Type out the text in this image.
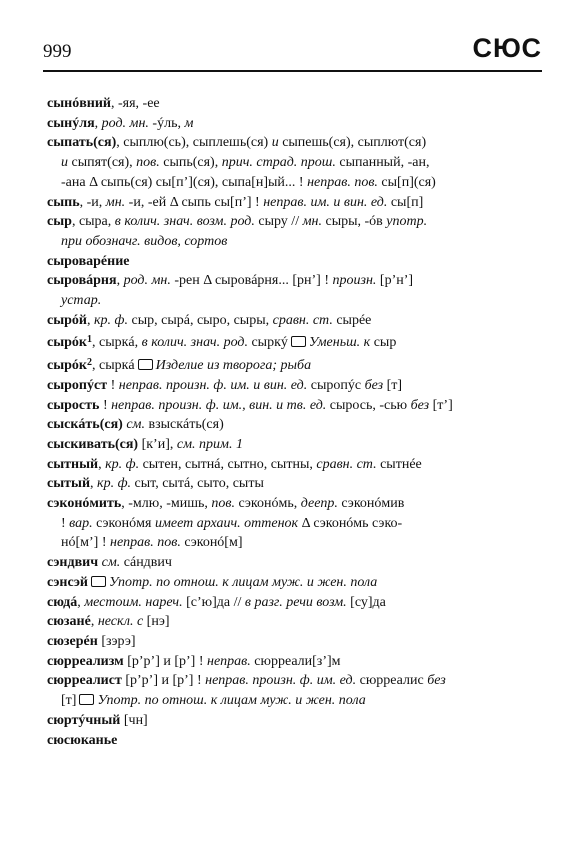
999	СЮС
сынóвний, -яя, -ее
сынýля, род. мн. -ýль, м
сыпать(ся), сыплю(сь), сыплешь(ся) и сыпешь(ся), сыплют(ся)
и сыпят(ся), пов. сыпь(ся), прич. страд. прош. сыпанный, -ан,
-ана Δ сыпь(ся) сы[пʼ](ся), сыпа[н]ый... ! неправ. пов. сы[п](ся)
сыпь, -и, мн. -и, -ей Δ сыпь сы[пʼ] ! неправ. им. и вин. ед. сы[п]
сыр, сыра, в колич. знач. возм. род. сыру // мн. сыры, -óв употр.
при обозначг. видов, сортов
сыроварéние
сыровáрня, род. мн. -рен Δ сыровáрня... [рнʼ] ! произн. [рʼнʼ]
устар.
сырóй, кр. ф. сыр, сырá, сырo, сыры, сравн. ст. сырée
сырóк$^1$, сыркá, в колич. знач. род. сыркý Уменьш. к сыр
сырóк$^2$, сыркá Изделие из творога; рыба
сыропýст ! неправ. произн. ф. им. и вин. ед. сыропýс без [т]
сырость ! неправ. произн. ф. им., вин. и тв. ед. сырось, -сью без [тʼ]
сыскáть(ся) см. взыскáть(ся)
сыскивать(ся) [кʼи], см. прим. 1
сытный, кр. ф. сытен, сытнá, сытно, сытны, сравн. ст. сытнée
сытый, кр. ф. сыт, сытá, сыто, сыты
сэконóмить, -млю, -мишь, пов. сэконóмь, деепр. сэконóмив
! вар. сэконóмя имеет архаич. оттенок Δ сэконóмь сэко-
нó[мʼ] ! неправ. пов. сэконó[м]
сэндвич см. сáндвич
сэнсэй Употр. по отнош. к лицам муж. и жен. пола
сюдá, местоим. нареч. [сʼю]да // в разг. речи возм. [су]да
сюзанé, нескл. с [нэ]
сюзерéн [зэрэ]
сюрреализм [рʼрʼ] и [рʼ] ! неправ. сюрреали[зʼ]м
сюрреалист [рʼрʼ] и [рʼ] ! неправ. произн. ф. им. ед. сюрреалис без
[т] Употр. по отнош. к лицам муж. и жен. пола
сюртýчный [чн]
сюсюканье
